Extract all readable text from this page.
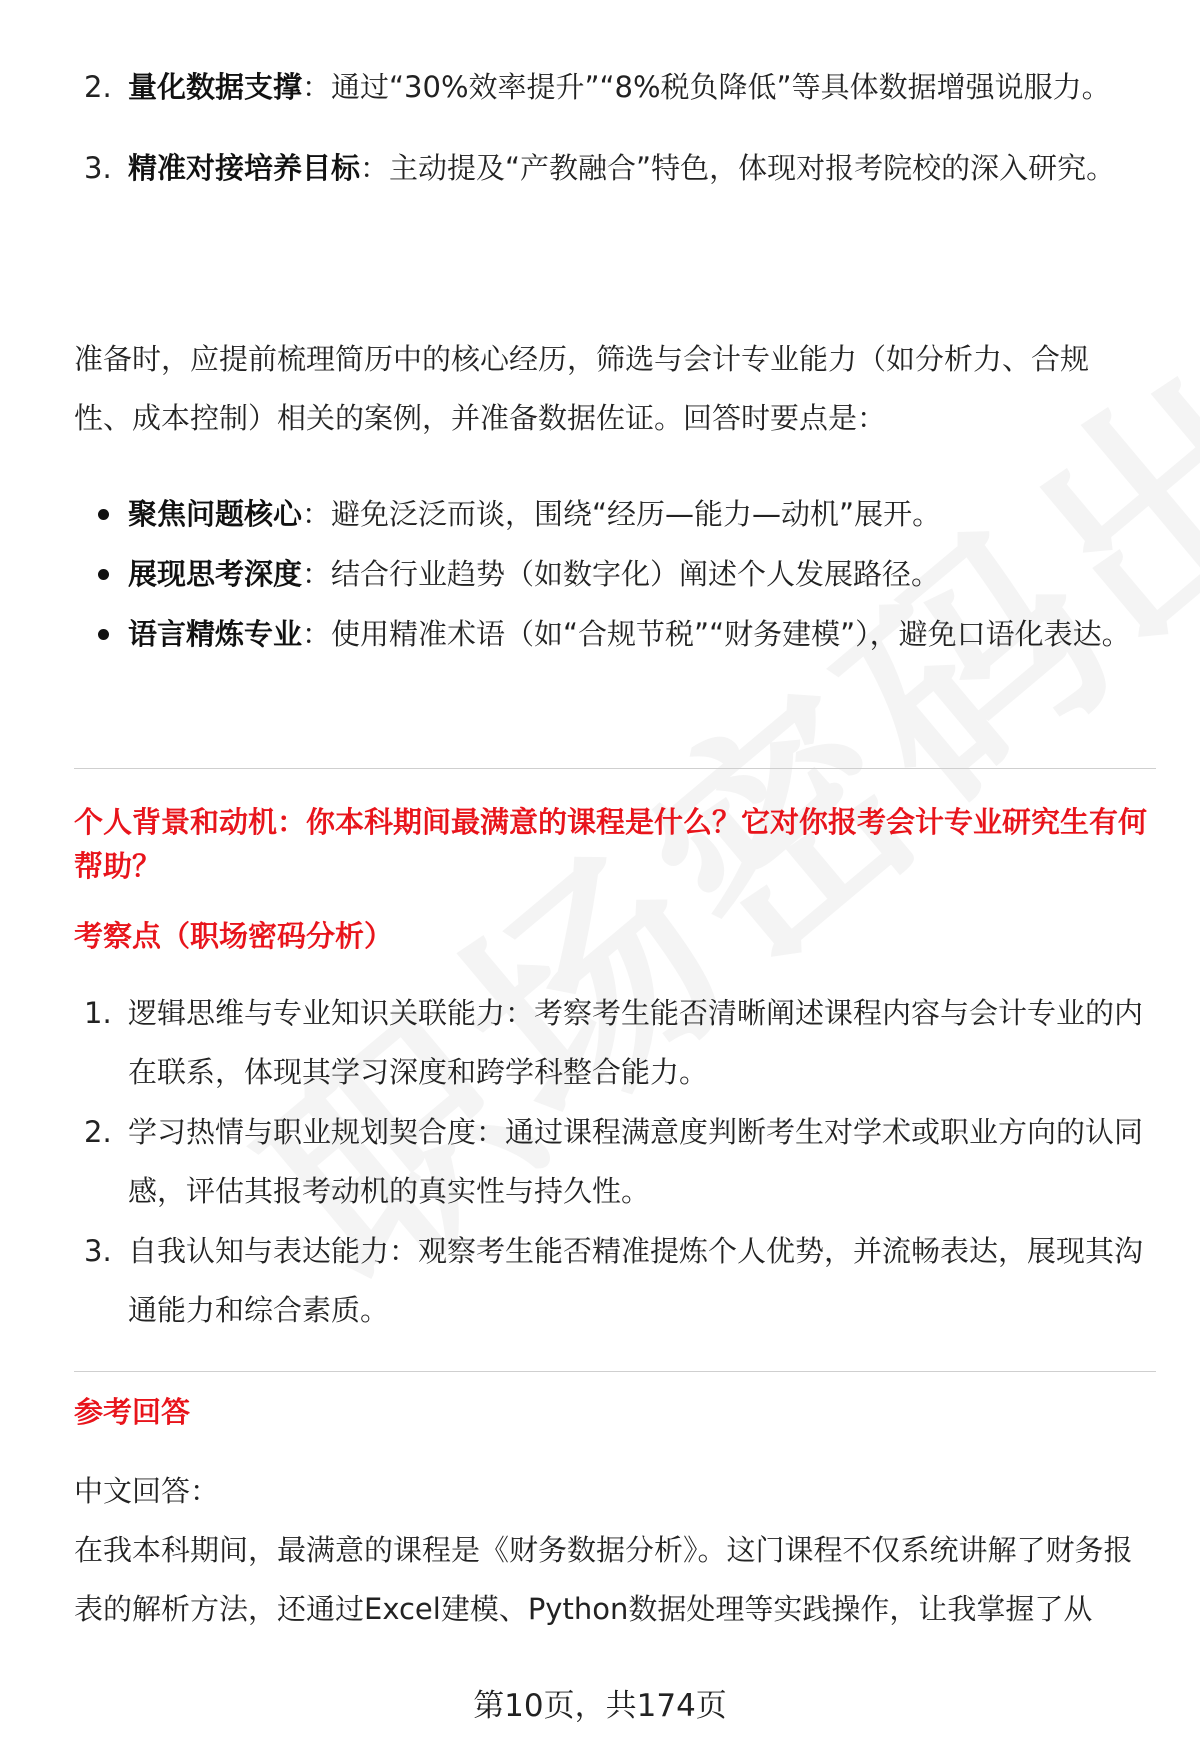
2. 量化数据支撑：通过“30%效率提升”“8%税负降低”等具体数据增强说服力。
3. 精准对接培养目标：主动提及“产教融合”特色，体现对报考院校的深入研究。

准备时，应提前梳理简历中的核心经历，筛选与会计专业能力（如分析力、合规性、成本控制）相关的案例，并准备数据佐证。回答时要点是：

聚焦问题核心：避免泛泛而谈，围绕“经历—能力—动机”展开。
展现思考深度：结合行业趋势（如数字化）阐述个人发展路径。
语言精炼专业：使用精准术语（如“合规节税”“财务建模”），避免口语化表达。
个人背景和动机：你本科期间最满意的课程是什么？它对你报考会计专业研究生有何帮助？
考察点（职场密码分析）
1. 逻辑思维与专业知识关联能力：考察考生能否清晰阐述课程内容与会计专业的内在联系，体现其学习深度和跨学科整合能力。
2. 学习热情与职业规划契合度：通过课程满意度判断考生对学术或职业方向的认同感，评估其报考动机的真实性与持久性。
3. 自我认知与表达能力：观察考生能否精准提炼个人优势，并流畅表达，展现其沟通能力和综合素质。
参考回答

中文回答：

在我本科期间，最满意的课程是《财务数据分析》。这门课程不仅系统讲解了财务报表的解析方法，还通过Excel建模、Python数据处理等实践操作，让我掌握了从

第10页，共174页
